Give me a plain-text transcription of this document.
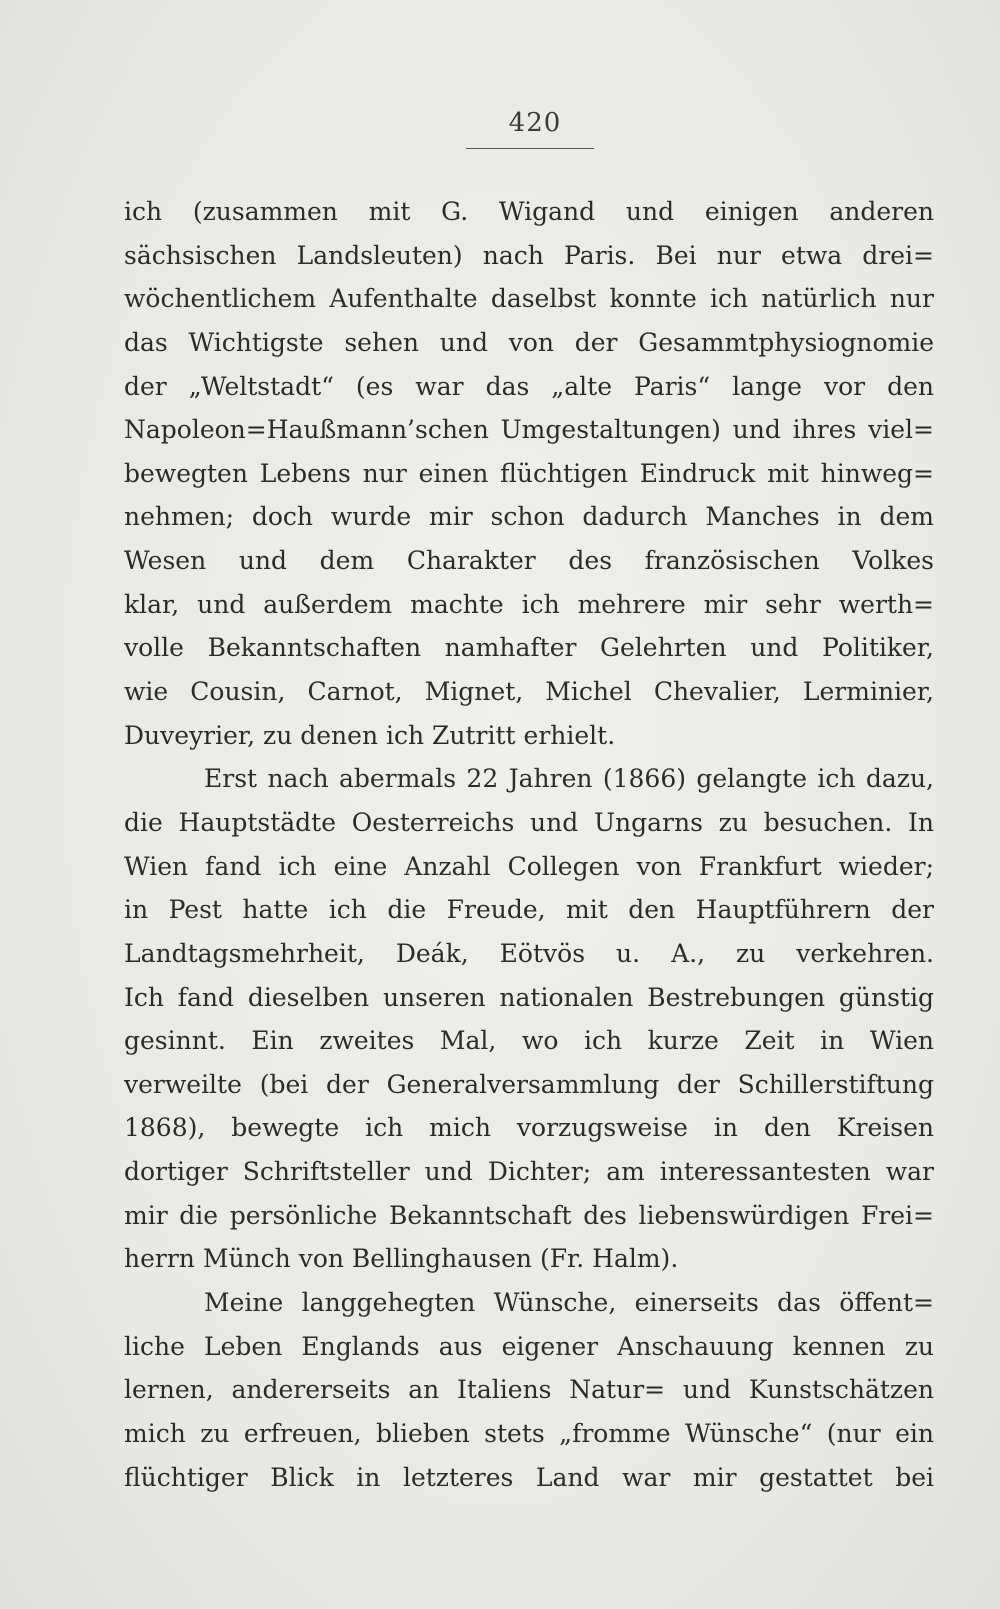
420

ich (zusammen mit G. Wigand und einigen anderen
sächsischen Landsleuten) nach Paris. Bei nur etwa drei=
wöchentlichem Aufenthalte daselbst konnte ich natürlich nur
das Wichtigste sehen und von der Gesammtphysiognomie
der „Weltstadt“ (es war das „alte Paris“ lange vor den
Napoleon=Haußmann’schen Umgestaltungen) und ihres viel=
bewegten Lebens nur einen flüchtigen Eindruck mit hinweg=
nehmen; doch wurde mir schon dadurch Manches in dem
Wesen und dem Charakter des französischen Volkes
klar, und außerdem machte ich mehrere mir sehr werth=
volle Bekanntschaften namhafter Gelehrten und Politiker,
wie Cousin, Carnot, Mignet, Michel Chevalier, Lerminier,
Duveyrier, zu denen ich Zutritt erhielt.

Erst nach abermals 22 Jahren (1866) gelangte ich dazu,
die Hauptstädte Oesterreichs und Ungarns zu besuchen. In
Wien fand ich eine Anzahl Collegen von Frankfurt wieder;
in Pest hatte ich die Freude, mit den Hauptführern der
Landtagsmehrheit, Deák, Eötvös u. A., zu verkehren.
Ich fand dieselben unseren nationalen Bestrebungen günstig
gesinnt. Ein zweites Mal, wo ich kurze Zeit in Wien
verweilte (bei der Generalversammlung der Schillerstiftung
1868), bewegte ich mich vorzugsweise in den Kreisen
dortiger Schriftsteller und Dichter; am interessantesten war
mir die persönliche Bekanntschaft des liebenswürdigen Frei=
herrn Münch von Bellinghausen (Fr. Halm).

Meine langgehegten Wünsche, einerseits das öffent=
liche Leben Englands aus eigener Anschauung kennen zu
lernen, andererseits an Italiens Natur= und Kunstschätzen
mich zu erfreuen, blieben stets „fromme Wünsche“ (nur ein
flüchtiger Blick in letzteres Land war mir gestattet bei
